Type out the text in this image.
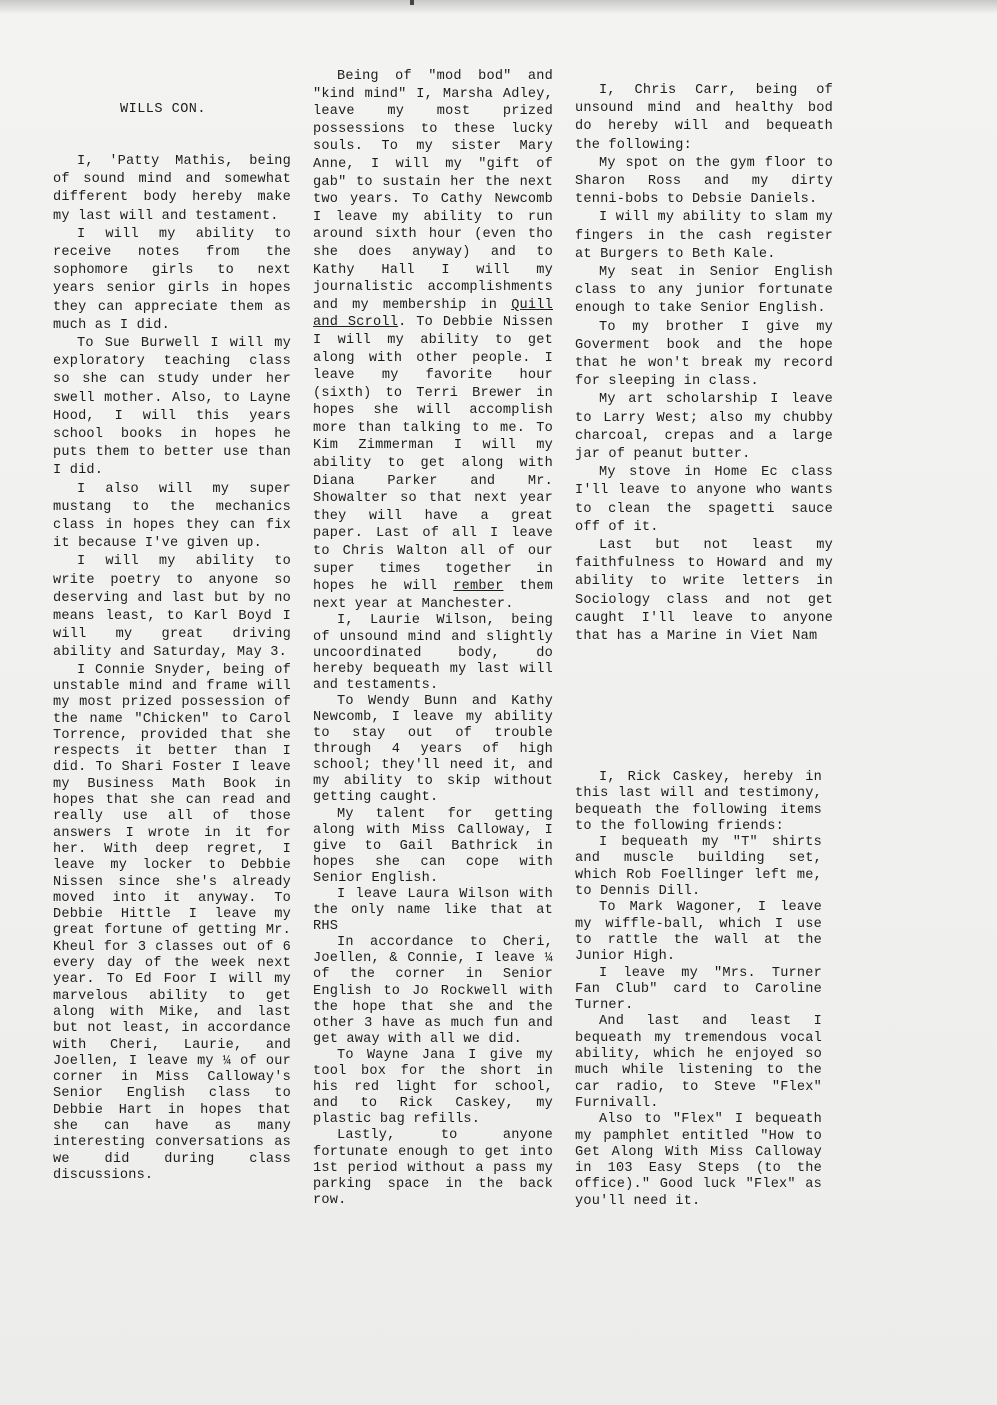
WILLS CON.

I, 'Patty Mathis, being of sound mind and somewhat different body hereby make my last will and testament.

I will my ability to receive notes from the sophomore girls to next years senior girls in hopes they can appreciate them as much as I did.

To Sue Burwell I will my exploratory teaching class so she can study under her swell mother. Also, to Layne Hood, I will this years school books in hopes he puts them to better use than I did.

I also will my super mustang to the mechanics class in hopes they can fix it because I've given up.

I will my ability to write poetry to anyone so deserving and last but by no means least, to Karl Boyd I will my great driving ability and Saturday, May 3.

I Connie Snyder, being of unstable mind and frame will my most prized possession of the name "Chicken" to Carol Torrence, provided that she respects it better than I did. To Shari Foster I leave my Business Math Book in hopes that she can read and really use all of those answers I wrote in it for her. With deep regret, I leave my locker to Debbie Nissen since she's already moved into it anyway. To Debbie Hittle I leave my great fortune of getting Mr. Kheul for 3 classes out of 6 every day of the week next year. To Ed Foor I will my marvelous ability to get along with Mike, and last but not least, in accordance with Cheri, Laurie, and Joellen, I leave my ¼ of our corner in Miss Calloway's Senior English class to Debbie Hart in hopes that she can have as many interesting conversations as we did during class discussions.

Being of "mod bod" and "kind mind" I, Marsha Adley, leave my most prized possessions to these lucky souls. To my sister Mary Anne, I will my "gift of gab" to sustain her the next two years. To Cathy Newcomb I leave my ability to run around sixth hour (even tho she does anyway) and to Kathy Hall I will my journalistic accomplishments and my membership in Quill and Scroll. To Debbie Nissen I will my ability to get along with other people. I leave my favorite hour (sixth) to Terri Brewer in hopes she will accomplish more than talking to me. To Kim Zimmerman I will my ability to get along with Diana Parker and Mr. Showalter so that next year they will have a great paper. Last of all I leave to Chris Walton all of our super times together in hopes he will rember them next year at Manchester.

I, Laurie Wilson, being of unsound mind and slightly uncoordinated body, do hereby bequeath my last will and testaments.

To Wendy Bunn and Kathy Newcomb, I leave my ability to stay out of trouble through 4 years of high school; they'll need it, and my ability to skip without getting caught.

My talent for getting along with Miss Calloway, I give to Gail Bathrick in hopes she can cope with Senior English.

I leave Laura Wilson with the only name like that at RHS

In accordance to Cheri, Joellen, & Connie, I leave ¼ of the corner in Senior English to Jo Rockwell with the hope that she and the other 3 have as much fun and get away with all we did.

To Wayne Jana I give my tool box for the short in his red light for school, and to Rick Caskey, my plastic bag refills.

Lastly, to anyone fortunate enough to get into 1st period without a pass my parking space in the back row.

I, Chris Carr, being of unsound mind and healthy bod do hereby will and bequeath the following:

My spot on the gym floor to Sharon Ross and my dirty tenni-bobs to Debsie Daniels.

I will my ability to slam my fingers in the cash register at Burgers to Beth Kale.

My seat in Senior English class to any junior fortunate enough to take Senior English.

To my brother I give my Goverment book and the hope that he won't break my record for sleeping in class.

My art scholarship I leave to Larry West; also my chubby charcoal, crepas and a large jar of peanut butter.

My stove in Home Ec class I'll leave to anyone who wants to clean the spagetti sauce off of it.

Last but not least my faithfulness to Howard and my ability to write letters in Sociology class and not get caught I'll leave to anyone that has a Marine in Viet Nam

I, Rick Caskey, hereby in this last will and testimony, bequeath the following items to the following friends:

I bequeath my "T" shirts and muscle building set, which Rob Foellinger left me, to Dennis Dill.

To Mark Wagoner, I leave my wiffle-ball, which I use to rattle the wall at the Junior High.

I leave my "Mrs. Turner Fan Club" card to Caroline Turner.

And last and least I bequeath my tremendous vocal ability, which he enjoyed so much while listening to the car radio, to Steve "Flex" Furnivall.

Also to "Flex" I bequeath my pamphlet entitled "How to Get Along With Miss Calloway in 103 Easy Steps (to the office)." Good luck "Flex" as you'll need it.
